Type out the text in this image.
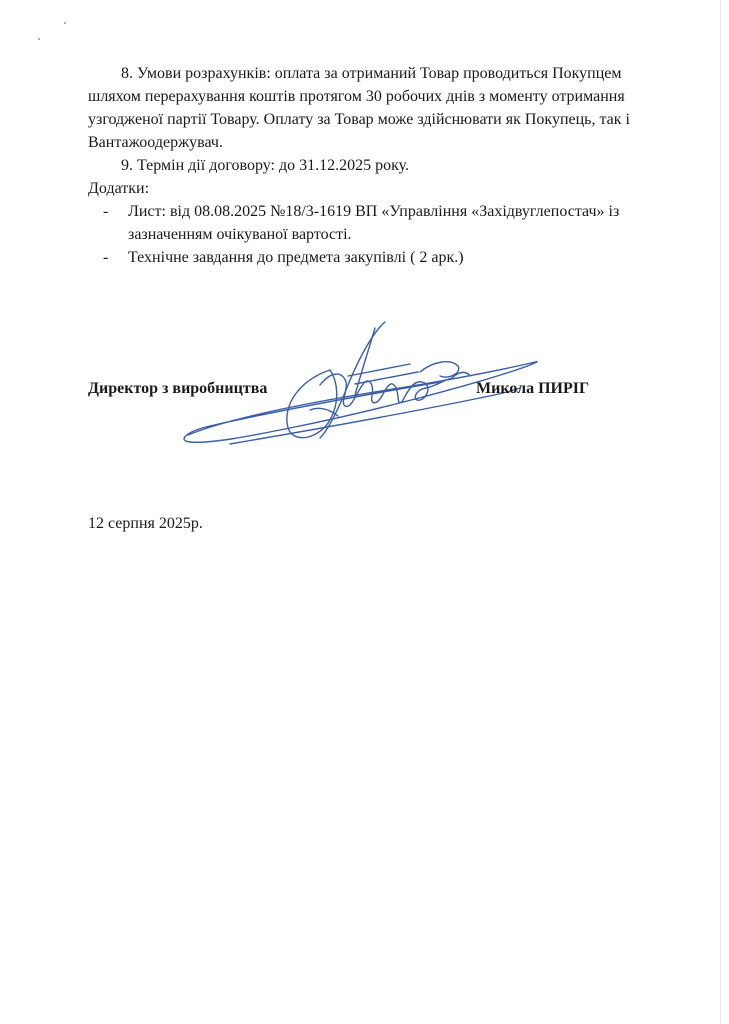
8. Умови розрахунків: оплата за отриманий Товар проводиться Покупцем
шляхом перерахування коштів протягом 30 робочих днів з моменту отримання
узгодженої партії Товару. Оплату за Товар може здійснювати як Покупець, так і
Вантажоодержувач.
9. Термін дії договору: до 31.12.2025 року.
Додатки:
- Лист: від 08.08.2025 №18/3-1619 ВП «Управління «Західвуглепостач» із
зазначенням очікуваної вартості.
- Технічне завдання до предмета закупівлі ( 2 арк.)
Директор з виробництва	Микола ПИРІГ
12 серпня 2025р.
